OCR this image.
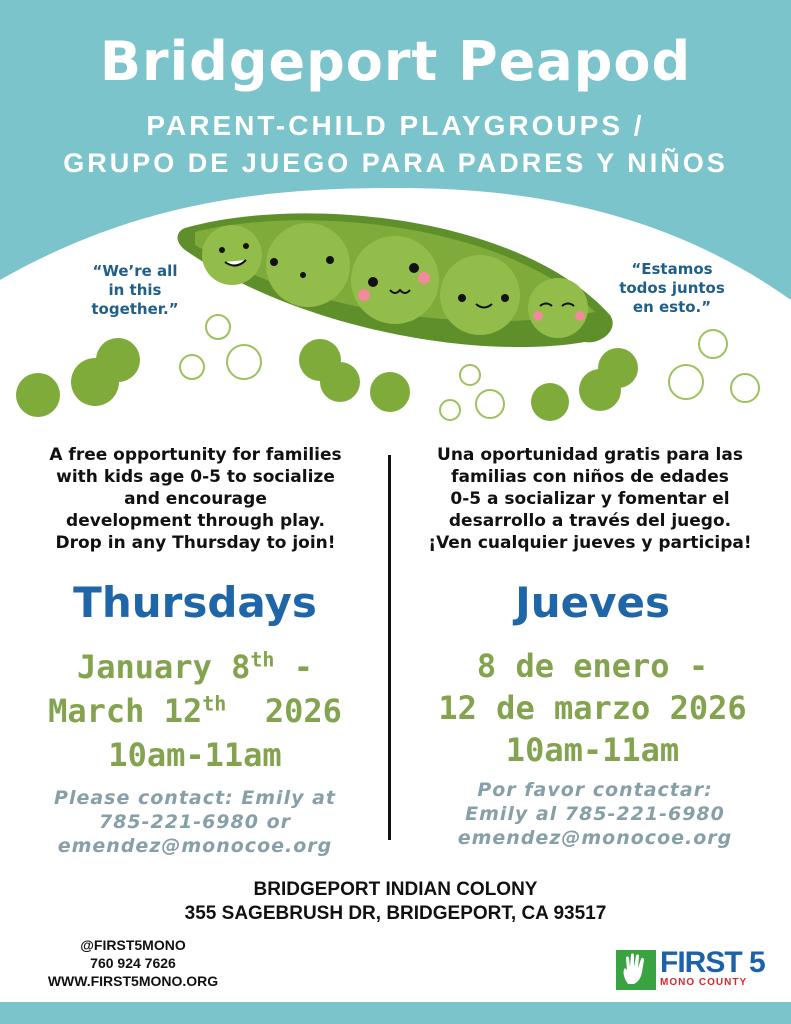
Bridgeport Peapod
PARENT-CHILD PLAYGROUPS /
GRUPO DE JUEGO PARA PADRES Y NIÑOS
“We’re all
in this
together.”
“Estamos
todos juntos
en esto.”
A free opportunity for families
with kids age 0-5 to socialize
and encourage
development through play.
Drop in any Thursday to join!
Thursdays
January 8th -
March 12th  2026
10am-11am
Please contact: Emily at
785-221-6980 or
emendez@monocoe.org
Una oportunidad gratis para las
familias con niños de edades
0-5 a socializar y fomentar el
desarrollo a través del juego.
¡Ven cualquier jueves y participa!
Jueves
8 de enero -
12 de marzo 2026
10am-11am
Por favor contactar:
Emily al 785-221-6980
emendez@monocoe.org
BRIDGEPORT INDIAN COLONY
355 SAGEBRUSH DR, BRIDGEPORT, CA 93517
@FIRST5MONO
760 924 7626
WWW.FIRST5MONO.ORG
FIRST 5
MONO COUNTY
